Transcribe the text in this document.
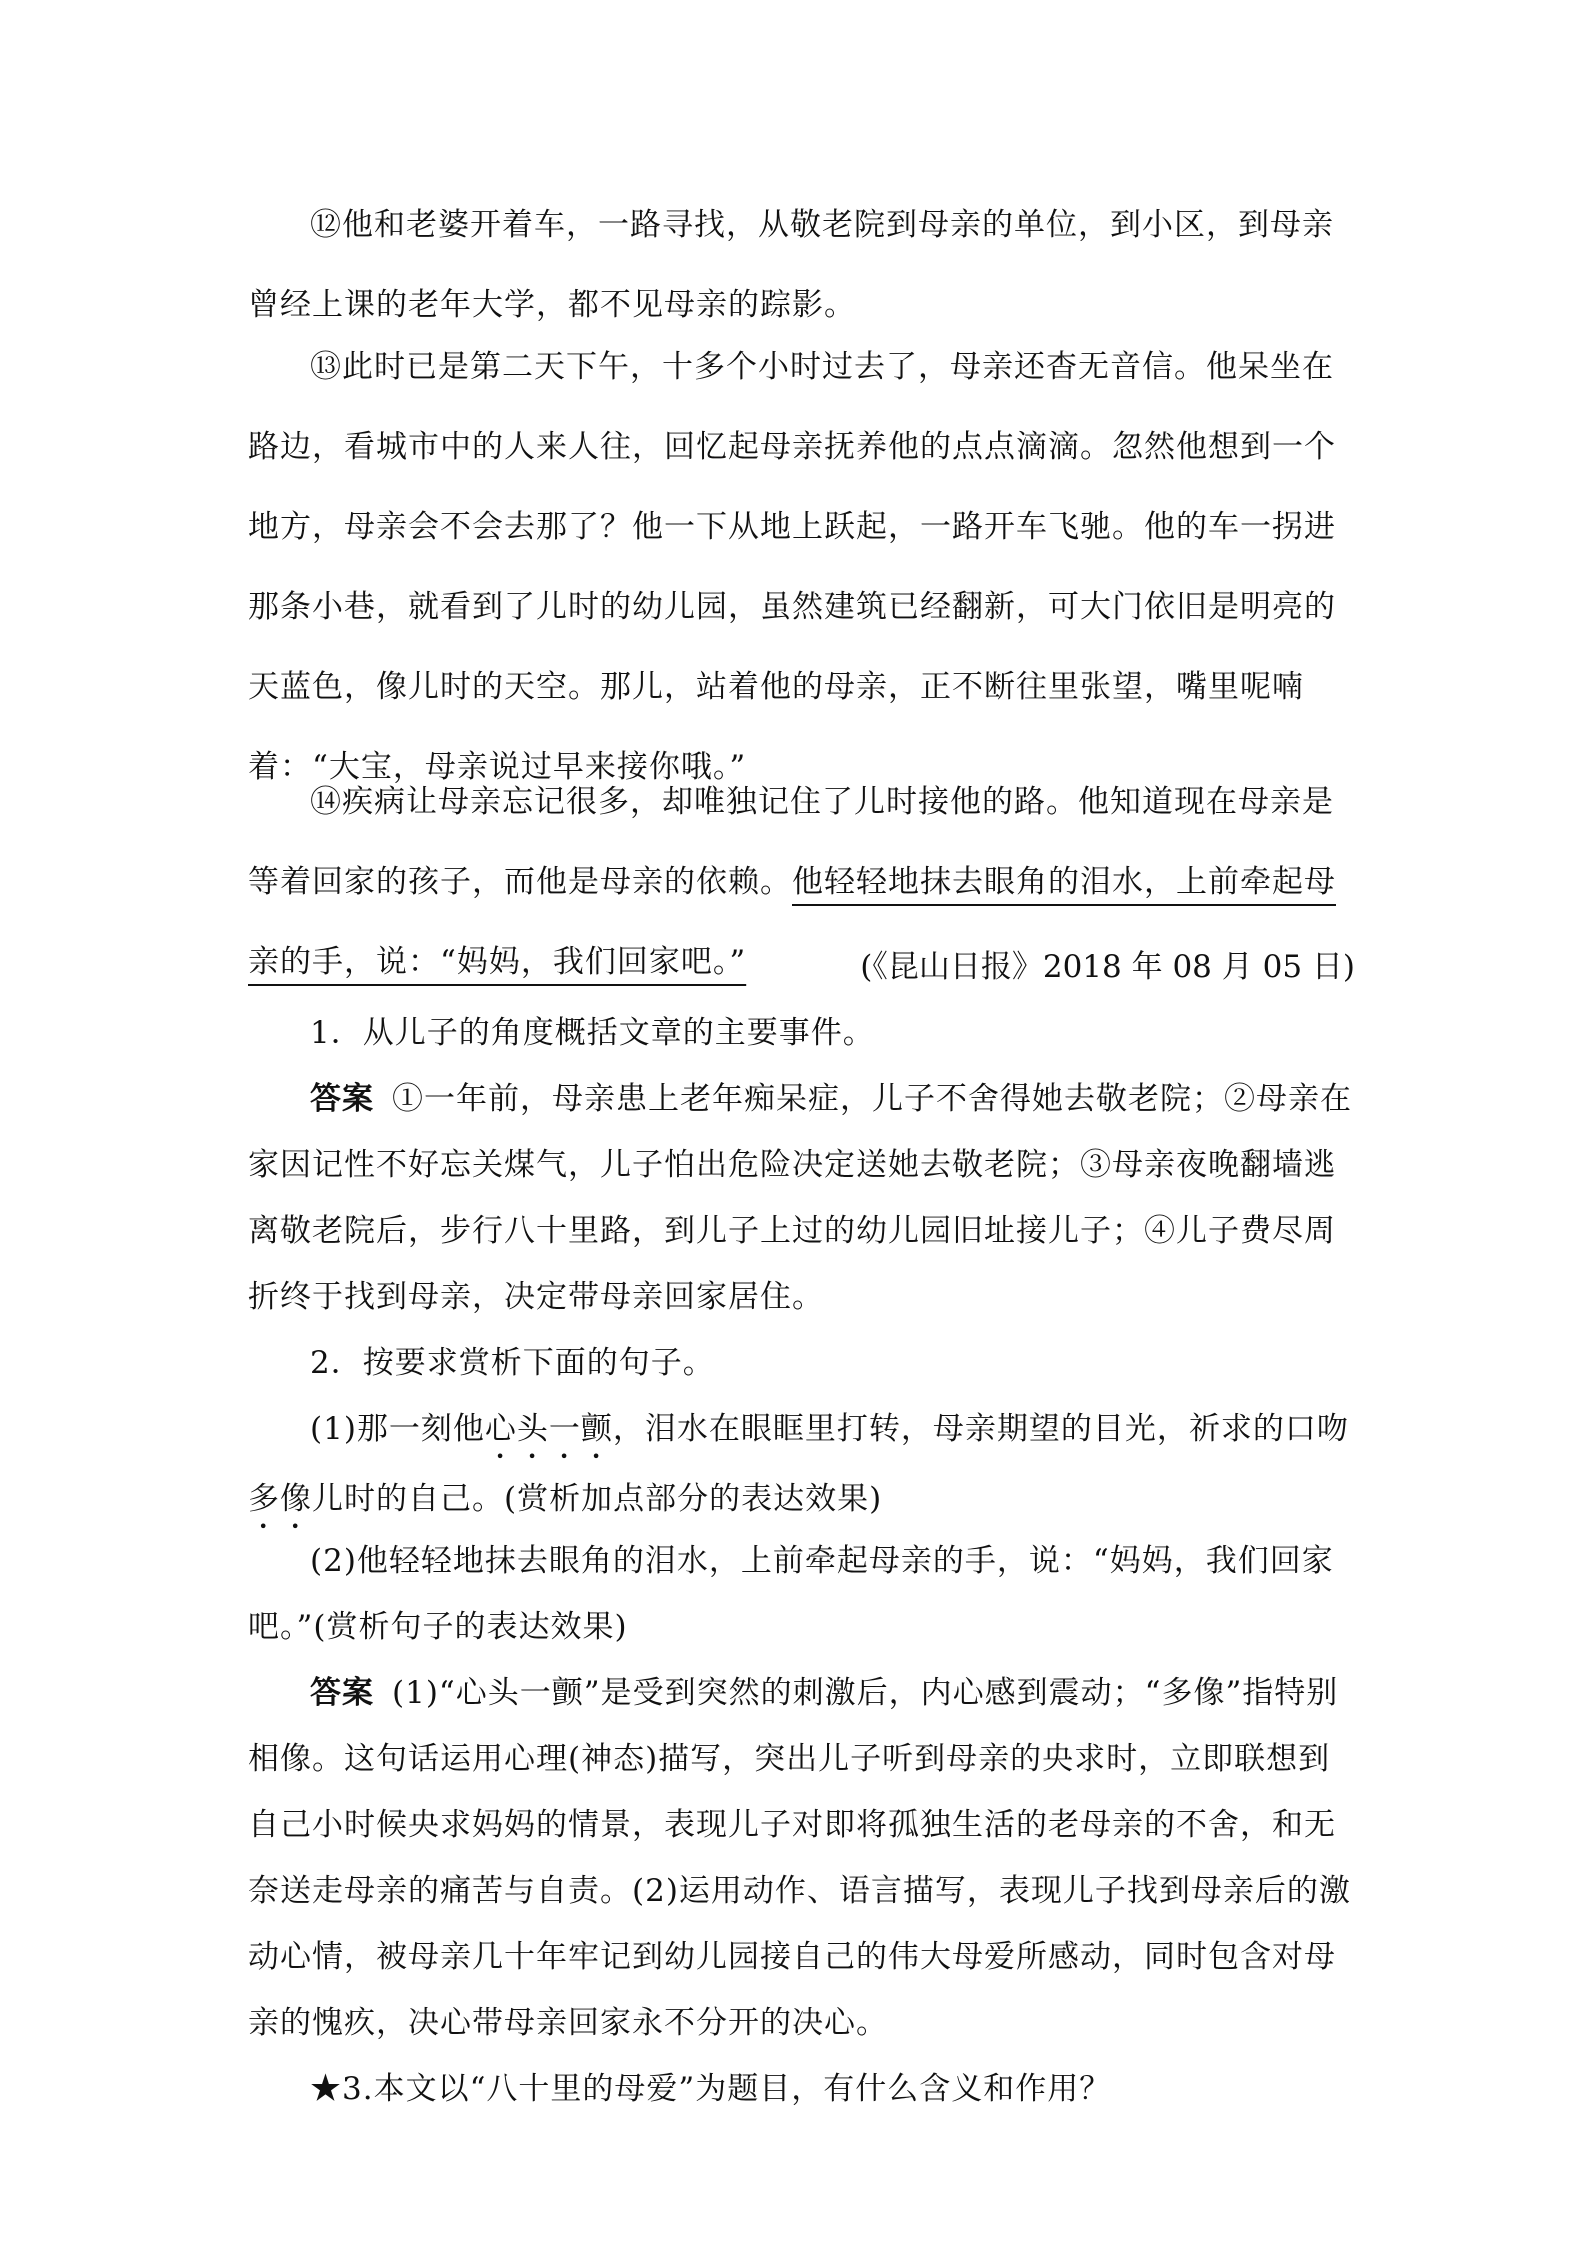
⑫他和老婆开着车，一路寻找，从敬老院到母亲的单位，到小区，到母亲曾经上课的老年大学，都不见母亲的踪影。

⑬此时已是第二天下午，十多个小时过去了，母亲还杳无音信。他呆坐在路边，看城市中的人来人往，回忆起母亲抚养他的点点滴滴。忽然他想到一个地方，母亲会不会去那了？他一下从地上跃起，一路开车飞驰。他的车一拐进那条小巷，就看到了儿时的幼儿园，虽然建筑已经翻新，可大门依旧是明亮的天蓝色，像儿时的天空。那儿，站着他的母亲，正不断往里张望，嘴里呢喃着：“大宝，母亲说过早来接你哦。”

⑭疾病让母亲忘记很多，却唯独记住了儿时接他的路。他知道现在母亲是等着回家的孩子，而他是母亲的依赖。他轻轻地抹去眼角的泪水，上前牵起母亲的手，说：“妈妈，我们回家吧。”	(《昆山日报》2018 年 08 月 05 日)

1．从儿子的角度概括文章的主要事件。

答案 ①一年前，母亲患上老年痴呆症，儿子不舍得她去敬老院；②母亲在家因记性不好忘关煤气，儿子怕出危险决定送她去敬老院；③母亲夜晚翻墙逃离敬老院后，步行八十里路，到儿子上过的幼儿园旧址接儿子；④儿子费尽周折终于找到母亲，决定带母亲回家居住。

2．按要求赏析下面的句子。

(1)那一刻他心头一颤，泪水在眼眶里打转，母亲期望的目光，祈求的口吻多像儿时的自己。(赏析加点部分的表达效果)

(2)他轻轻地抹去眼角的泪水，上前牵起母亲的手，说：“妈妈，我们回家吧。”(赏析句子的表达效果)

答案 (1)“心头一颤”是受到突然的刺激后，内心感到震动；“多像”指特别相像。这句话运用心理(神态)描写，突出儿子听到母亲的央求时，立即联想到自己小时候央求妈妈的情景，表现儿子对即将孤独生活的老母亲的不舍，和无奈送走母亲的痛苦与自责。(2)运用动作、语言描写，表现儿子找到母亲后的激动心情，被母亲几十年牢记到幼儿园接自己的伟大母爱所感动，同时包含对母亲的愧疚，决心带母亲回家永不分开的决心。

★3.本文以“八十里的母爱”为题目，有什么含义和作用？
